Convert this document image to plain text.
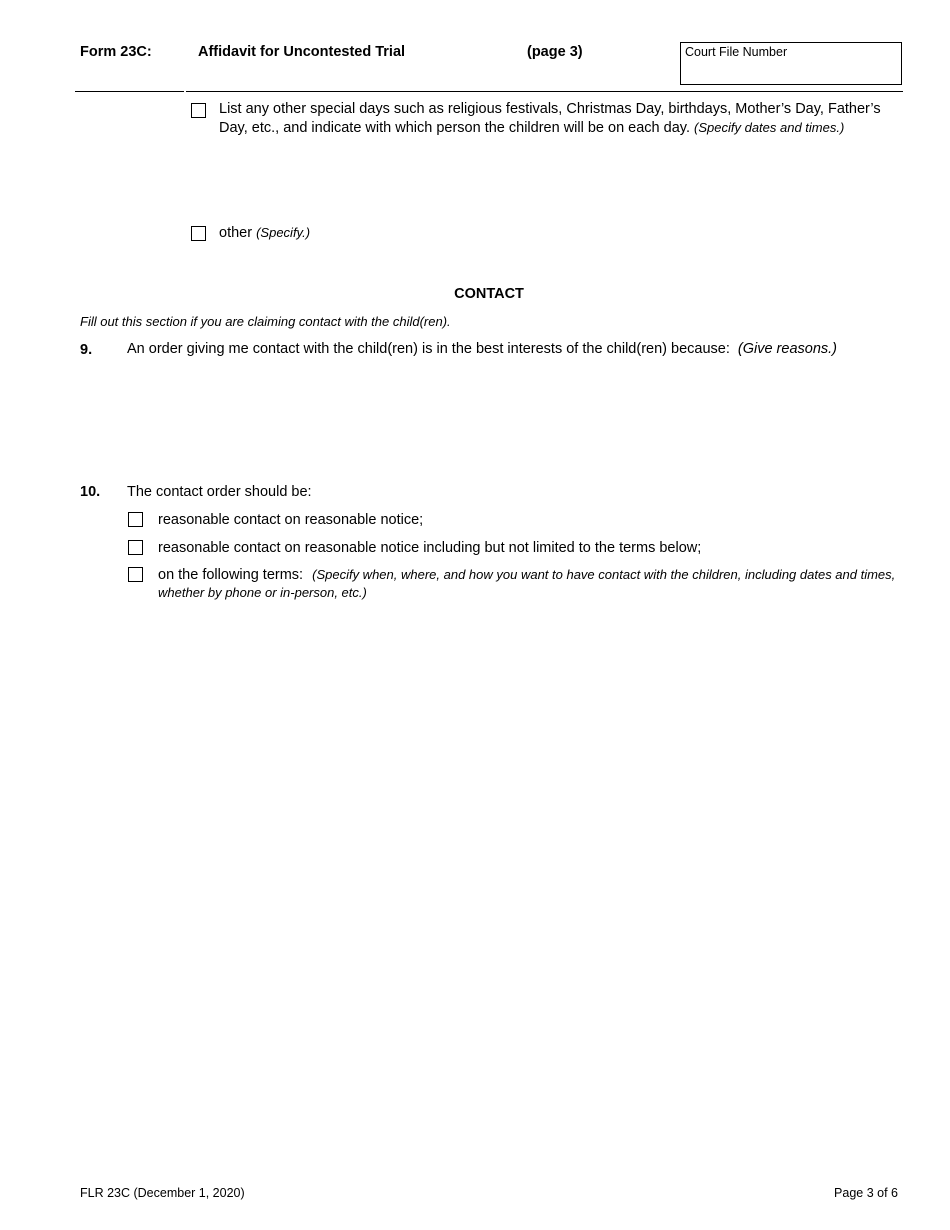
Form 23C:	Affidavit for Uncontested Trial	(page 3)	Court File Number
List any other special days such as religious festivals, Christmas Day, birthdays, Mother’s Day, Father’s Day, etc., and indicate with which person the children will be on each day. (Specify dates and times.)
other (Specify.)
CONTACT
Fill out this section if you are claiming contact with the child(ren).
9. An order giving me contact with the child(ren) is in the best interests of the child(ren) because: (Give reasons.)
10. The contact order should be:
reasonable contact on reasonable notice;
reasonable contact on reasonable notice including but not limited to the terms below;
on the following terms: (Specify when, where, and how you want to have contact with the children, including dates and times, whether by phone or in-person, etc.)
FLR 23C (December 1, 2020)	Page 3 of 6
